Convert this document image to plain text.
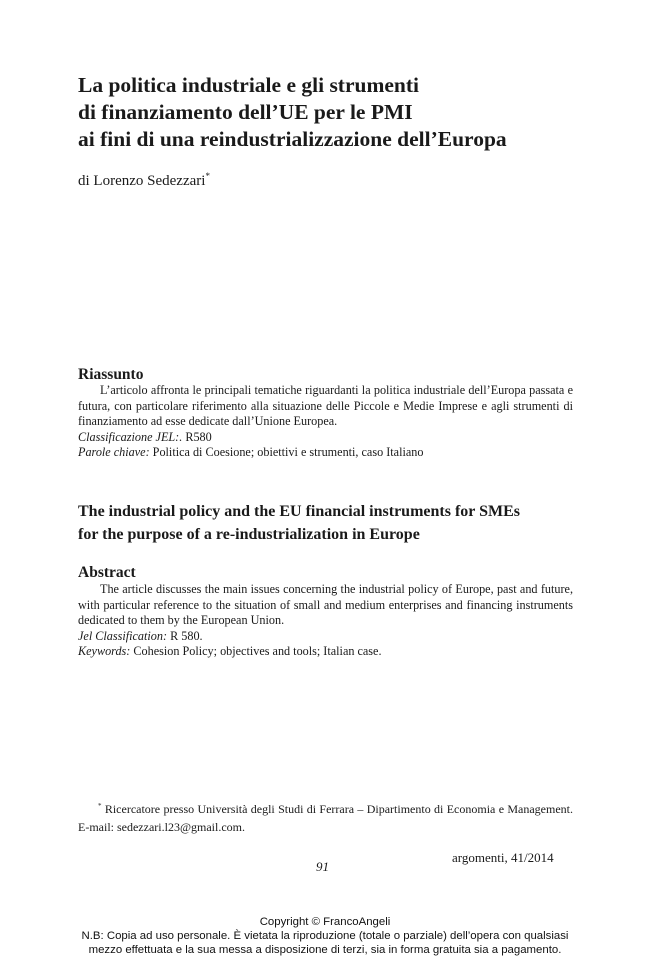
La politica industriale e gli strumenti
di finanziamento dell’UE per le PMI
ai fini di una reindustrializzazione dell’Europa
di Lorenzo Sedezzari*
Riassunto

L’articolo affronta le principali tematiche riguardanti la politica industriale dell’Europa passata e futura, con particolare riferimento alla situazione delle Piccole e Medie Imprese e agli strumenti di finanziamento ad esse dedicate dall’Unione Europea.

Classificazione JEL:. R580

Parole chiave: Politica di Coesione; obiettivi e strumenti, caso Italiano

The industrial policy and the EU financial instruments for SMEs
for the purpose of a re-industrialization in Europe
Abstract

The article discusses the main issues concerning the industrial policy of Europe, past and future, with particular reference to the situation of small and medium enterprises and financing instruments dedicated to them by the European Union.

Jel Classification: R 580.

Keywords: Cohesion Policy; objectives and tools; Italian case.

* Ricercatore presso Università degli Studi di Ferrara – Dipartimento di Economia e Management. E-mail: sedezzari.l23@gmail.com.

argomenti, 41/2014
91
Copyright © FrancoAngeli
N.B: Copia ad uso personale. È vietata la riproduzione (totale o parziale) dell’opera con qualsiasi
mezzo effettuata e la sua messa a disposizione di terzi, sia in forma gratuita sia a pagamento.
